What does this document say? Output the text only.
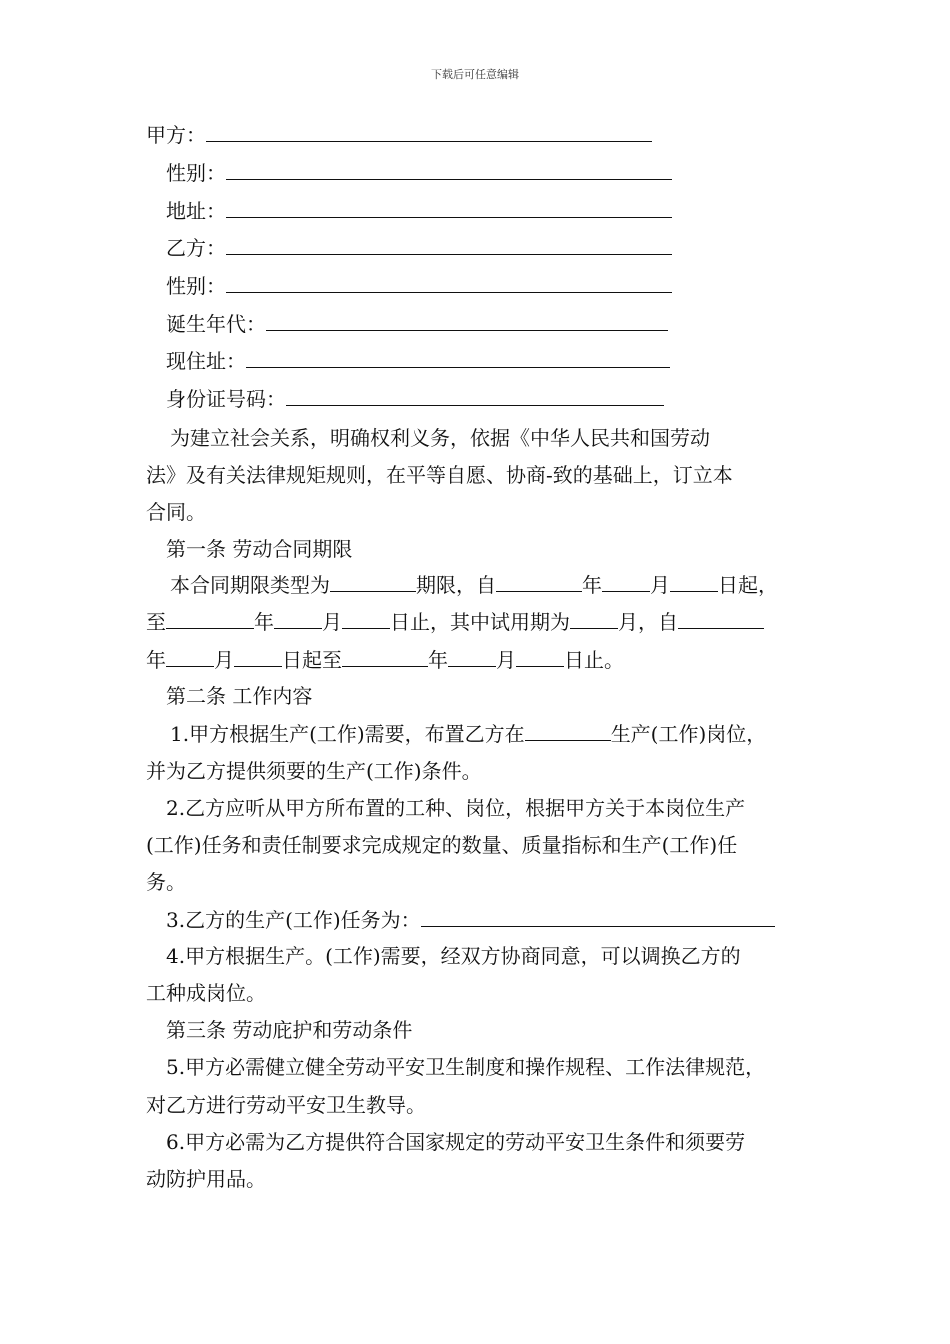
下载后可任意编辑
甲方：
性别：
地址：
乙方：
性别：
诞生年代：
现住址：
身份证号码：
为建立社会关系，明确权利义务，依据《中华人民共和国劳动
法》及有关法律规矩规则，在平等自愿、协商-致的基础上，订立本
合同。
第一条 劳动合同期限
本合同期限类型为	期限，自	年 月 日起，
至	年 月 日止，其中试用期为 月，自
年 月 日起至	年 月 日止。
第二条 工作内容
1.甲方根据生产(工作)需要，布置乙方在	生产(工作)岗位，
并为乙方提供须要的生产(工作)条件。
2.乙方应听从甲方所布置的工种、岗位，根据甲方关于本岗位生产
(工作)任务和责任制要求完成规定的数量、质量指标和生产(工作)任
务。
3.乙方的生产(工作)任务为：
4.甲方根据生产。(工作)需要，经双方协商同意，可以调换乙方的
工种成岗位。
第三条 劳动庇护和劳动条件
5.甲方必需健立健全劳动平安卫生制度和操作规程、工作法律规范，
对乙方进行劳动平安卫生教导。
6.甲方必需为乙方提供符合国家规定的劳动平安卫生条件和须要劳
动防护用品。
